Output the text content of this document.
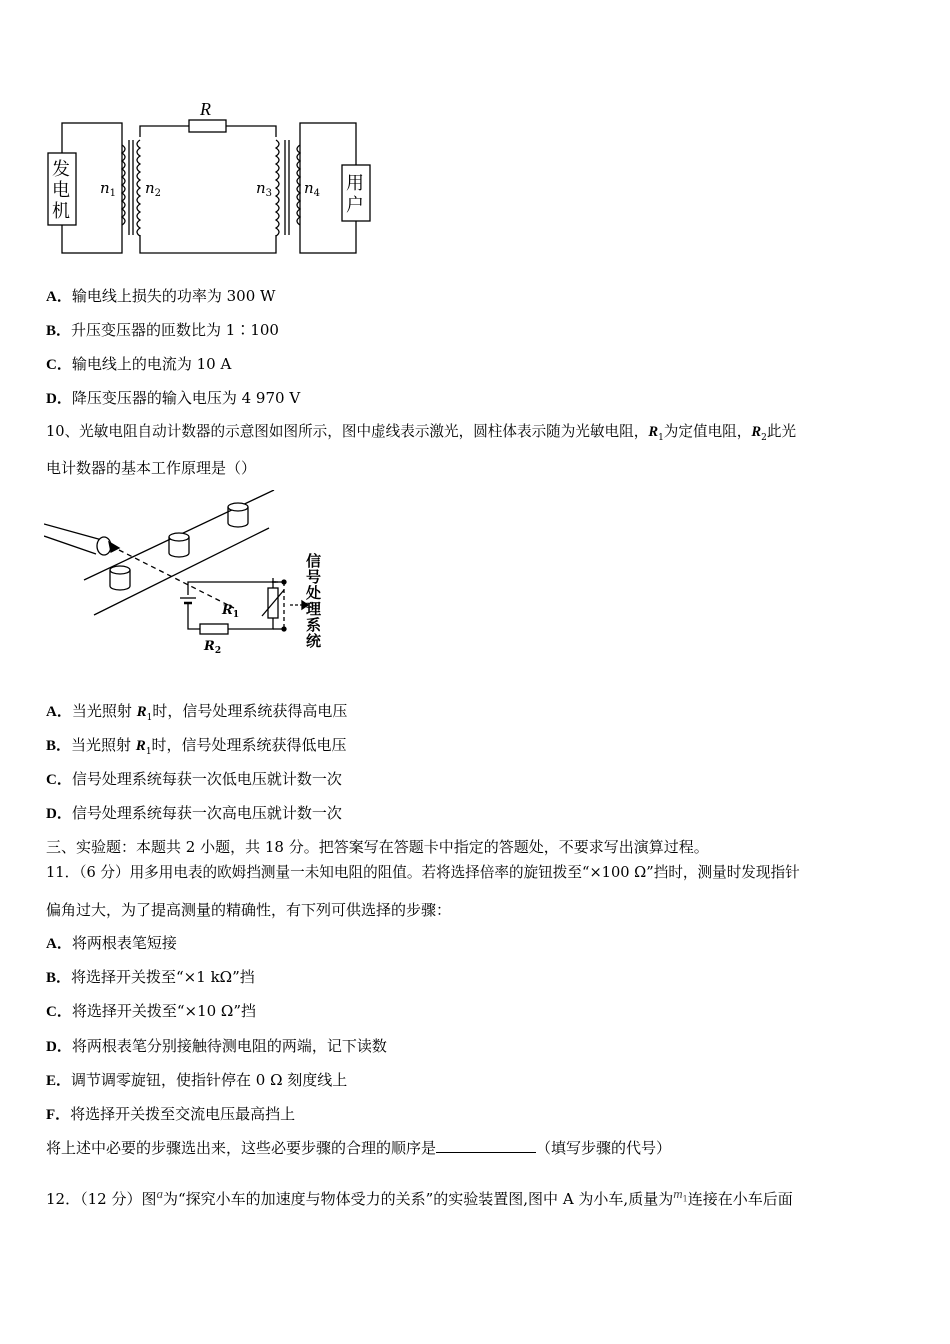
R
发
电
机
用
户
$n_1$ $n_2$	$n_3$ $n_4$
A．输电线上损失的功率为 300 W
B．升压变压器的匝数比为 1∶100
C．输电线上的电流为 10 A
D．降压变压器的输入电压为 4 970 V
10、光敏电阻自动计数器的示意图如图所示，图中虚线表示激光，圆柱体表示随为光敏电阻，$R_1$为定值电阻，$R_2$此光
电计数器的基本工作原理是（）
$R_1$
$R_2$
信
号
处
理
系
统
A．当光照射 $R_1$时，信号处理系统获得高电压
B．当光照射 $R_1$时，信号处理系统获得低电压
C．信号处理系统每获一次低电压就计数一次
D．信号处理系统每获一次高电压就计数一次
三、实验题：本题共 2 小题，共 18 分。把答案写在答题卡中指定的答题处，不要求写出演算过程。
11．（6 分）用多用电表的欧姆挡测量一未知电阻的阻值。若将选择倍率的旋钮拨至“×100 Ω”挡时，测量时发现指针
偏角过大，为了提高测量的精确性，有下列可供选择的步骤：
A．将两根表笔短接
B．将选择开关拨至“×1 kΩ”挡
C．将选择开关拨至“×10 Ω”挡
D．将两根表笔分别接触待测电阻的两端，记下读数
E．调节调零旋钮，使指针停在 0 Ω 刻度线上
F．将选择开关拨至交流电压最高挡上
将上述中必要的步骤选出来，这些必要步骤的合理的顺序是	（填写步骤的代号）
12．（12 分）图$^a$为“探究小车的加速度与物体受力的关系”的实验装置图,图中 A 为小车,质量为$^{m_1}$连接在小车后面
